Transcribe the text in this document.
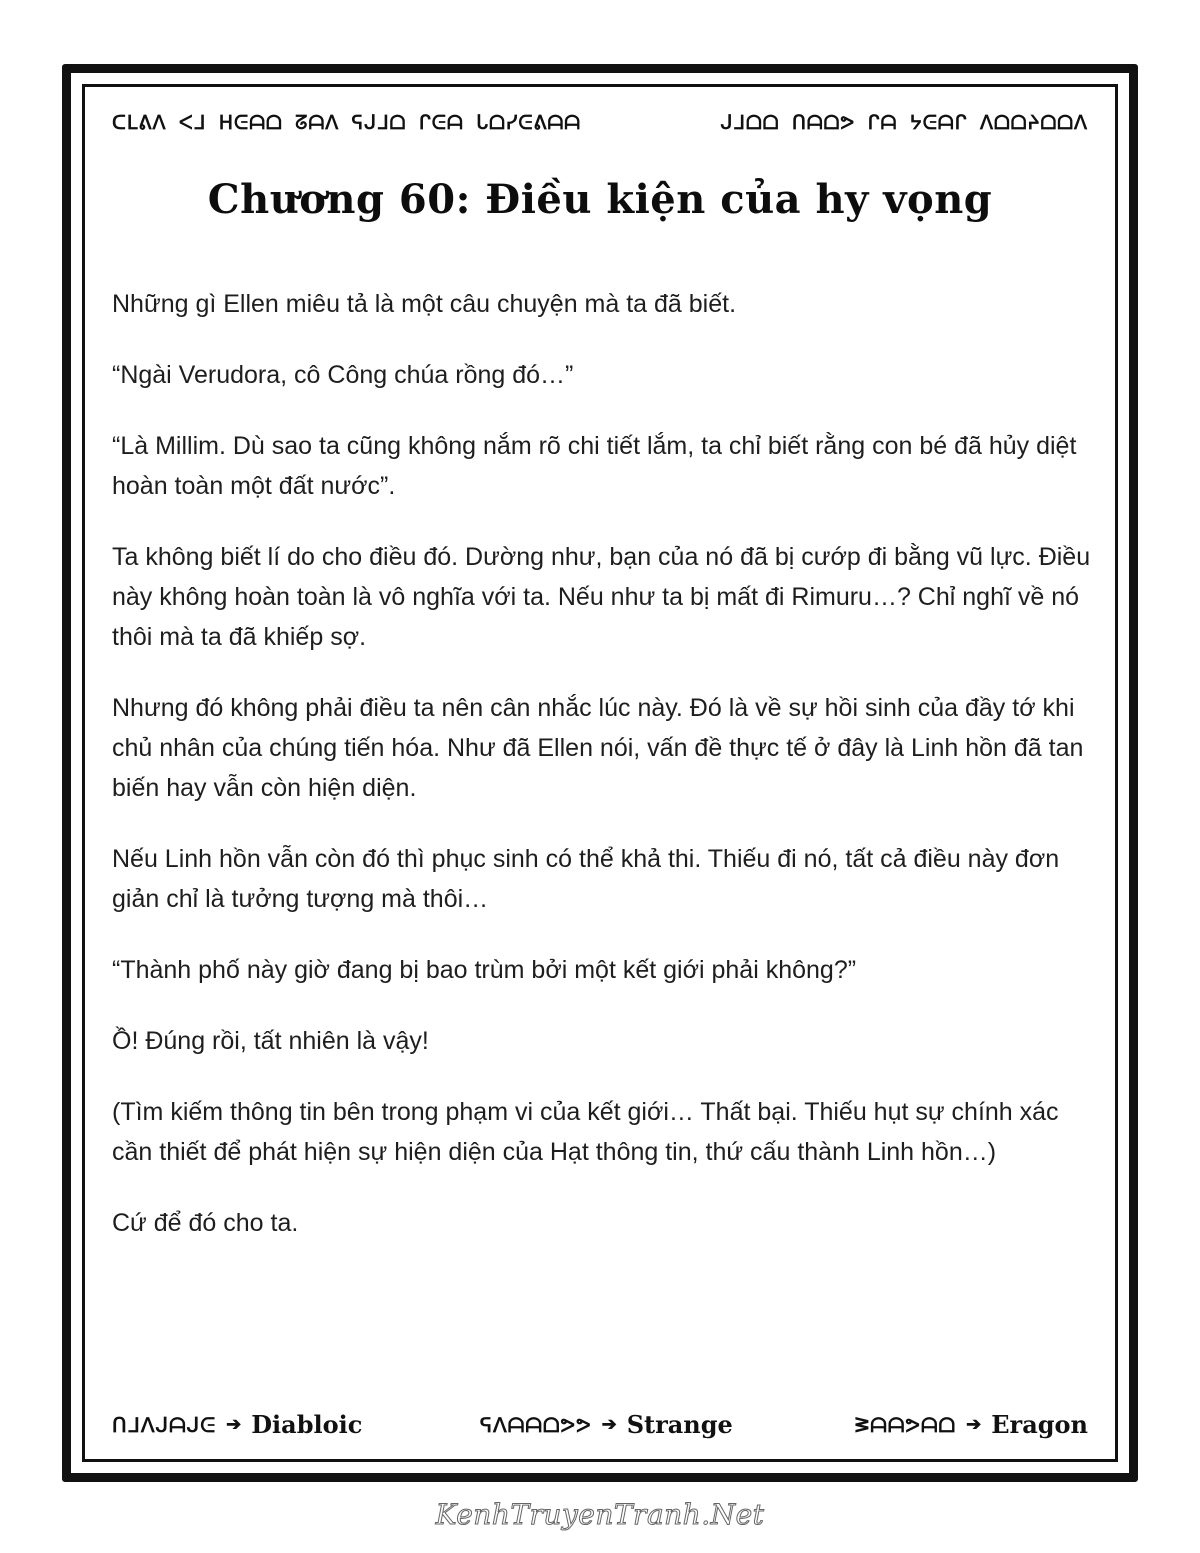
ᑕᒪᕕᐱ ᐸᒧ ᕼᕮᗩᗝ ᘔᗩᐱ ᕋᒍᒧᗝ ᒋᕮᗩ ᒐᗝᓯᕮᕕᗩᗩ	ᒍᒧᗝᗝ ᑎᗩᗝᕗ ᒋᗩ ᔭᕮᗩᒋ ᐱᗝᗝᔨᗝᗝᐱ
Chương 60: Điều kiện của hy vọng

Những gì Ellen miêu tả là một câu chuyện mà ta đã biết.

“Ngài Verudora, cô Công chúa rồng đó…”

“Là Millim. Dù sao ta cũng không nắm rõ chi tiết lắm, ta chỉ biết rằng con bé đã hủy diệt hoàn toàn một đất nước”.

Ta không biết lí do cho điều đó. Dường như, bạn của nó đã bị cướp đi bằng vũ lực. Điều này không hoàn toàn là vô nghĩa với ta. Nếu như ta bị mất đi Rimuru…? Chỉ nghĩ về nó thôi mà ta đã khiếp sợ.

Nhưng đó không phải điều ta nên cân nhắc lúc này. Đó là về sự hồi sinh của đầy tớ khi chủ nhân của chúng tiến hóa. Như đã Ellen nói, vấn đề thực tế ở đây là Linh hồn đã tan biến hay vẫn còn hiện diện.

Nếu Linh hồn vẫn còn đó thì phục sinh có thể khả thi. Thiếu đi nó, tất cả điều này đơn giản chỉ là tưởng tượng mà thôi…

“Thành phố này giờ đang bị bao trùm bởi một kết giới phải không?”

Ồ! Đúng rồi, tất nhiên là vậy!

(Tìm kiếm thông tin bên trong phạm vi của kết giới… Thất bại. Thiếu hụt sự chính xác cần thiết để phát hiện sự hiện diện của Hạt thông tin, thứ cấu thành Linh hồn…)

Cứ để đó cho ta.

ᑎᒧᐱᒍᗩᒍᕮ ➔ Diabloic	ᕋᐱᗩᗩᗝᕗᕗ ➔ Strange	ᕒᗩᗩᕗᗩᗝ ➔ Eragon
KenhTruyenTranh.Net
